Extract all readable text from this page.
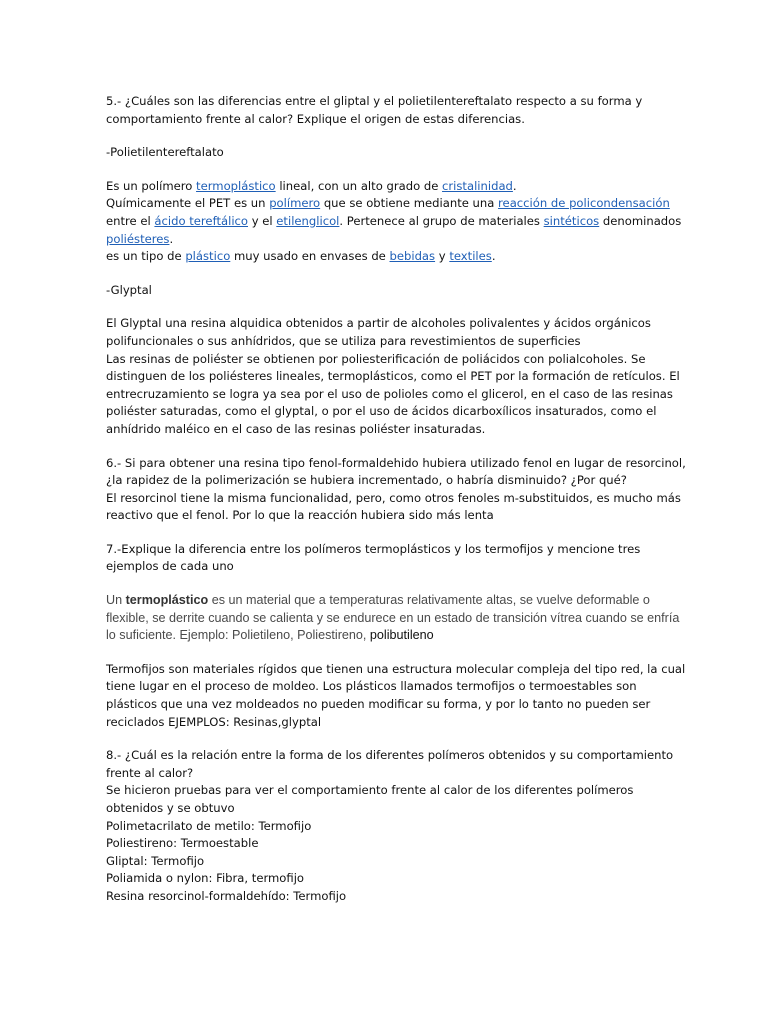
5.- ¿Cuáles son las diferencias entre el gliptal y el polietilentereftalato respecto a su forma y comportamiento frente al calor? Explique el origen de estas diferencias.

-Polietilentereftalato

Es un polímero termoplástico lineal, con un alto grado de cristalinidad.
Químicamente el PET es un polímero que se obtiene mediante una reacción de policondensación entre el ácido tereftálico y el etilenglicol. Pertenece al grupo de materiales sintéticos denominados poliésteres.
es un tipo de plástico muy usado en envases de bebidas y textiles.

-Glyptal

El Glyptal una resina alquidica obtenidos a partir de alcoholes polivalentes y ácidos orgánicos polifuncionales o sus anhídridos, que se utiliza para revestimientos de superficies
Las resinas de poliéster se obtienen por poliesterificación de poliácidos con polialcoholes. Se distinguen de los poliésteres lineales, termoplásticos, como el PET por la formación de retículos. El entrecruzamiento se logra ya sea por el uso de polioles como el glicerol, en el caso de las resinas poliéster saturadas, como el glyptal, o por el uso de ácidos dicarboxílicos insaturados, como el anhídrido maléico en el caso de las resinas poliéster insaturadas.

6.- Si para obtener una resina tipo fenol-formaldehido hubiera utilizado fenol en lugar de resorcinol, ¿la rapidez de la polimerización se hubiera incrementado, o habría disminuido? ¿Por qué?

El resorcinol tiene la misma funcionalidad, pero, como otros fenoles m-substituidos, es mucho más reactivo que el fenol. Por lo que la reacción hubiera sido más lenta

7.-Explique la diferencia entre los polímeros termoplásticos y los termofijos y mencione tres ejemplos de cada uno

Un termoplástico es un material que a temperaturas relativamente altas, se vuelve deformable o flexible, se derrite cuando se calienta y se endurece en un estado de transición vítrea cuando se enfría lo suficiente. Ejemplo: Polietileno, Poliestireno, polibutileno

Termofijos son materiales rígidos que tienen una estructura molecular compleja del tipo red, la cual tiene lugar en el proceso de moldeo. Los plásticos llamados termofijos o termoestables son plásticos que una vez moldeados no pueden modificar su forma, y por lo tanto no pueden ser reciclados EJEMPLOS: Resinas,glyptal

8.- ¿Cuál es la relación entre la forma de los diferentes polímeros obtenidos y su comportamiento frente al calor?

Se hicieron pruebas para ver el comportamiento frente al calor de los diferentes polímeros obtenidos y se obtuvo

Polimetacrilato de metilo: Termofijo
Poliestireno: Termoestable
Gliptal: Termofijo
Poliamida o nylon: Fibra, termofijo
Resina resorcinol-formaldehído: Termofijo
